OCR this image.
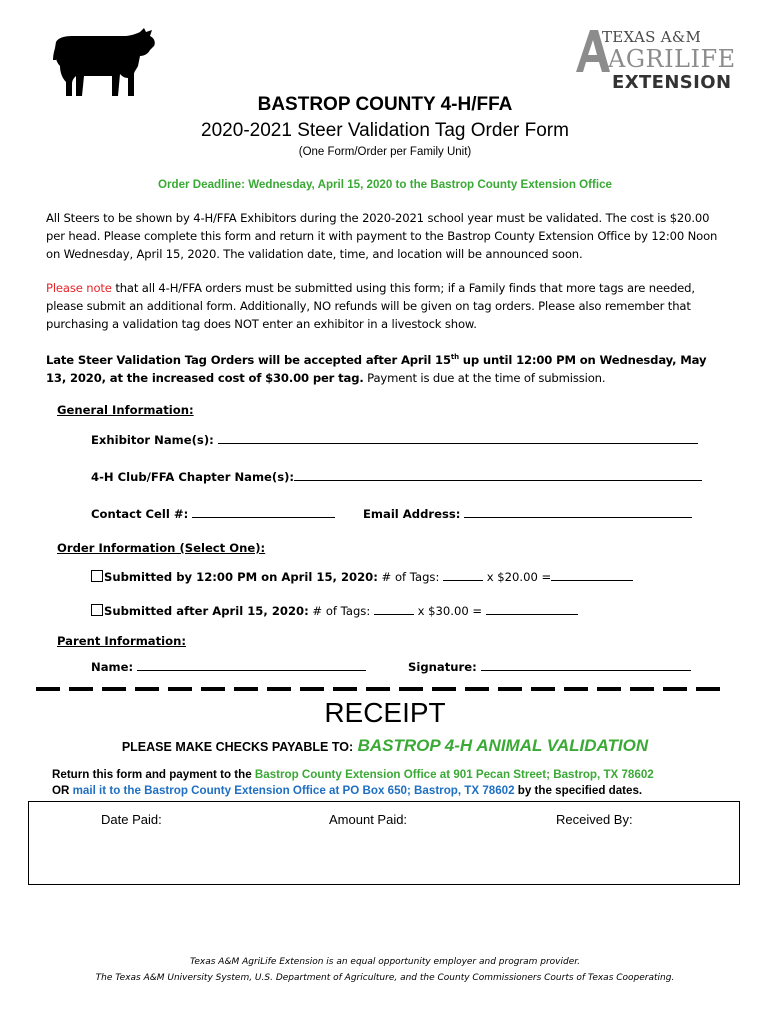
TEXAS A&M
AGRILIFE
EXTENSION
BASTROP COUNTY 4-H/FFA
2020-2021 Steer Validation Tag Order Form
(One Form/Order per Family Unit)
Order Deadline: Wednesday, April 15, 2020 to the Bastrop County Extension Office
All Steers to be shown by 4-H/FFA Exhibitors during the 2020-2021 school year must be validated. The cost is $20.00 per head. Please complete this form and return it with payment to the Bastrop County Extension Office by 12:00 Noon on Wednesday, April 15, 2020. The validation date, time, and location will be announced soon.
Please note that all 4-H/FFA orders must be submitted using this form; if a Family finds that more tags are needed, please submit an additional form. Additionally, NO refunds will be given on tag orders. Please also remember that purchasing a validation tag does NOT enter an exhibitor in a livestock show.
Late Steer Validation Tag Orders will be accepted after April 15th up until 12:00 PM on Wednesday, May 13, 2020, at the increased cost of $30.00 per tag. Payment is due at the time of submission.
General Information:
Exhibitor Name(s):
4-H Club/FFA Chapter Name(s):
Contact Cell #:	Email Address:
Order Information (Select One):
Submitted by 12:00 PM on April 15, 2020: # of Tags:	x $20.00 =
Submitted after April 15, 2020: # of Tags:	x $30.00 =
Parent Information:
Name:	Signature:
RECEIPT
PLEASE MAKE CHECKS PAYABLE TO: BASTROP 4-H ANIMAL VALIDATION
Return this form and payment to the Bastrop County Extension Office at 901 Pecan Street; Bastrop, TX 78602
OR mail it to the Bastrop County Extension Office at PO Box 650; Bastrop, TX 78602 by the specified dates.
Date Paid:	Amount Paid:	Received By:
Texas A&M AgriLife Extension is an equal opportunity employer and program provider.
The Texas A&M University System, U.S. Department of Agriculture, and the County Commissioners Courts of Texas Cooperating.
